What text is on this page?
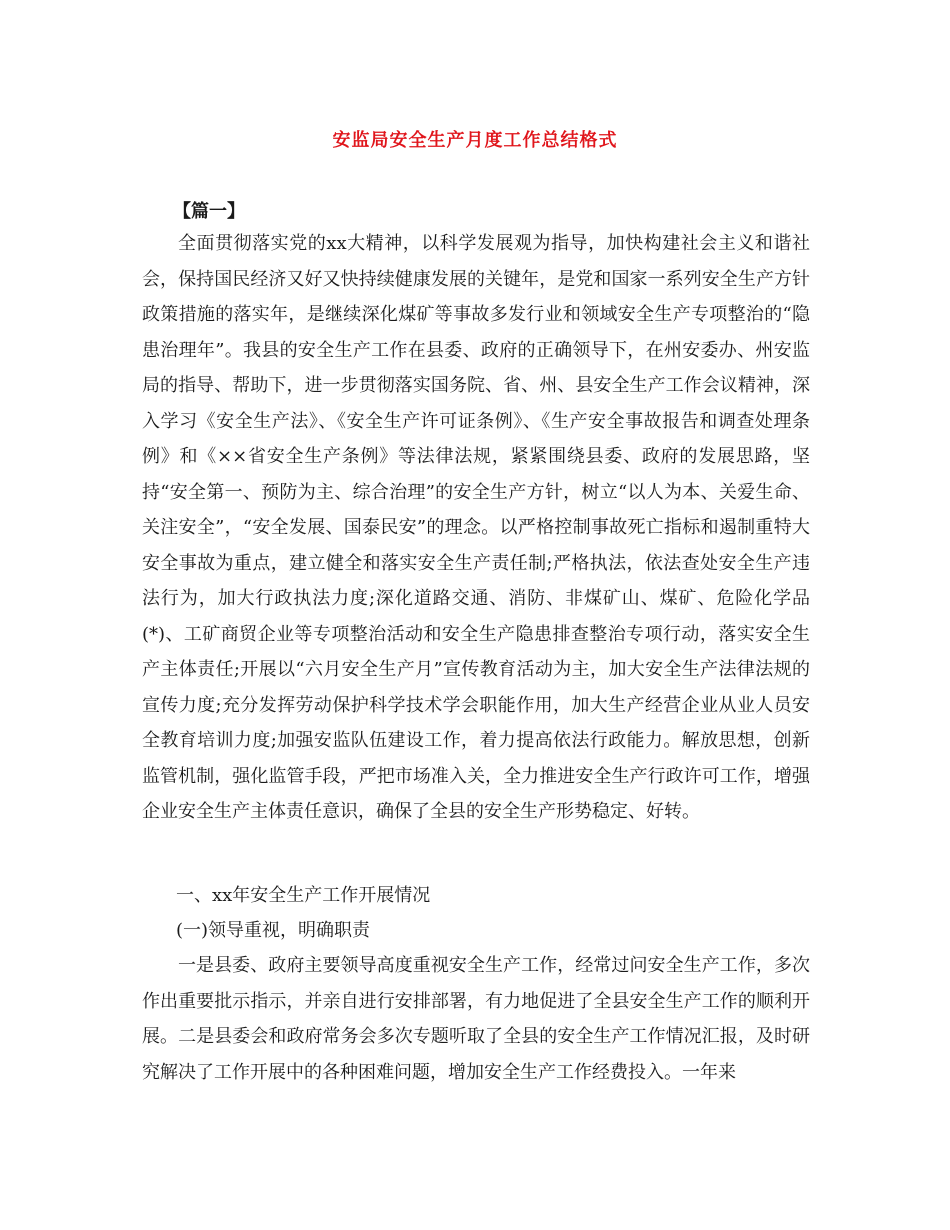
安监局安全生产月度工作总结格式

【篇一】

全面贯彻落实党的xx大精神，以科学发展观为指导，加快构建社会主义和谐社会，保持国民经济又好又快持续健康发展的关键年，是党和国家一系列安全生产方针政策措施的落实年，是继续深化煤矿等事故多发行业和领域安全生产专项整治的“隐患治理年”。我县的安全生产工作在县委、政府的正确领导下，在州安委办、州安监局的指导、帮助下，进一步贯彻落实国务院、省、州、县安全生产工作会议精神，深入学习《安全生产法》、《安全生产许可证条例》、《生产安全事故报告和调查处理条例》和《××省安全生产条例》等法律法规，紧紧围绕县委、政府的发展思路，坚持“安全第一、预防为主、综合治理”的安全生产方针，树立“以人为本、关爱生命、关注安全”，“安全发展、国泰民安”的理念。以严格控制事故死亡指标和遏制重特大安全事故为重点，建立健全和落实安全生产责任制;严格执法，依法查处安全生产违法行为，加大行政执法力度;深化道路交通、消防、非煤矿山、煤矿、危险化学品(*)、工矿商贸企业等专项整治活动和安全生产隐患排查整治专项行动，落实安全生产主体责任;开展以“六月安全生产月”宣传教育活动为主，加大安全生产法律法规的宣传力度;充分发挥劳动保护科学技术学会职能作用，加大生产经营企业从业人员安全教育培训力度;加强安监队伍建设工作，着力提高依法行政能力。解放思想，创新监管机制，强化监管手段，严把市场准入关，全力推进安全生产行政许可工作，增强企业安全生产主体责任意识，确保了全县的安全生产形势稳定、好转。

一、xx年安全生产工作开展情况

(一)领导重视，明确职责

一是县委、政府主要领导高度重视安全生产工作，经常过问安全生产工作，多次作出重要批示指示，并亲自进行安排部署，有力地促进了全县安全生产工作的顺利开展。二是县委会和政府常务会多次专题听取了全县的安全生产工作情况汇报，及时研究解决了工作开展中的各种困难问题，增加安全生产工作经费投入。一年来
